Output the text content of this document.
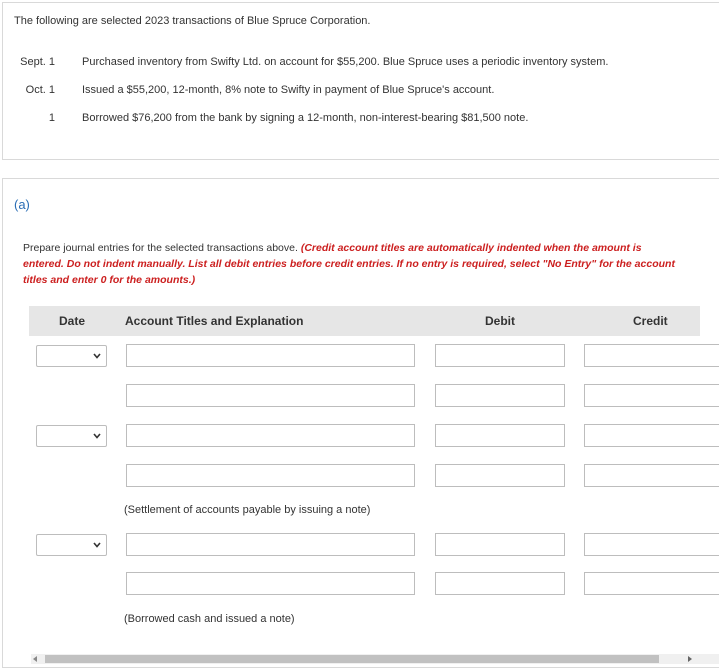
The following are selected 2023 transactions of Blue Spruce Corporation.
Sept. 1 Purchased inventory from Swifty Ltd. on account for $55,200. Blue Spruce uses a periodic inventory system.
Oct. 1 Issued a $55,200, 12-month, 8% note to Swifty in payment of Blue Spruce's account.
1 Borrowed $76,200 from the bank by signing a 12-month, non-interest-bearing $81,500 note.
(a)
Prepare journal entries for the selected transactions above. (Credit account titles are automatically indented when the amount is entered. Do not indent manually. List all debit entries before credit entries. If no entry is required, select "No Entry" for the account titles and enter 0 for the amounts.)
Date	Account Titles and Explanation	Debit	Credit
(Settlement of accounts payable by issuing a note)
(Borrowed cash and issued a note)
